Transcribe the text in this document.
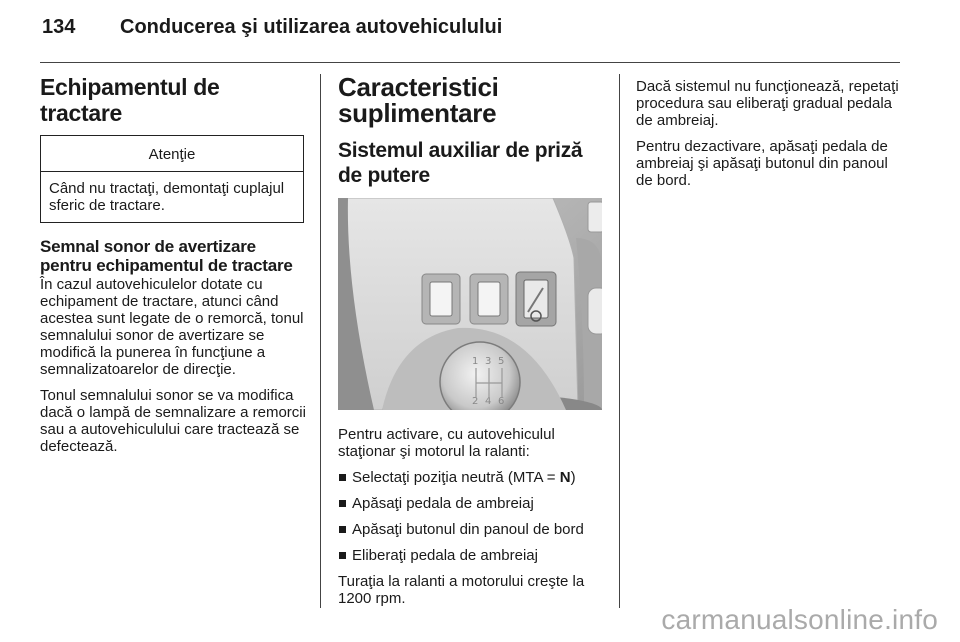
134 Conducerea şi utilizarea autovehiculului
Echipamentul de tractare
Atenţie
Când nu tractaţi, demontaţi cuplajul sferic de tractare.
Semnal sonor de avertizare pentru echipamentul de tractare

În cazul autovehiculelor dotate cu echipament de tractare, atunci când acestea sunt legate de o remorcă, tonul semnalului sonor de avertizare se modifică la punerea în funcţiune a semnalizatoarelor de direcţie.

Tonul semnalului sonor se va modifica dacă o lampă de semnalizare a remorcii sau a autovehiculului care tractează se defectează.

Caracteristici suplimentare
Sistemul auxiliar de priză de putere
1 3 5
2 4 6

Pentru activare, cu autovehiculul staţionar şi motorul la ralanti:

Selectaţi poziţia neutră (MTA = N)
Apăsaţi pedala de ambreiaj
Apăsaţi butonul din panoul de bord
Eliberaţi pedala de ambreiaj

Turaţia la ralanti a motorului creşte la 1200 rpm.

Dacă sistemul nu funcţionează, repetaţi procedura sau eliberaţi gradual pedala de ambreiaj.

Pentru dezactivare, apăsaţi pedala de ambreiaj şi apăsaţi butonul din panoul de bord.

carmanualsonline.info
